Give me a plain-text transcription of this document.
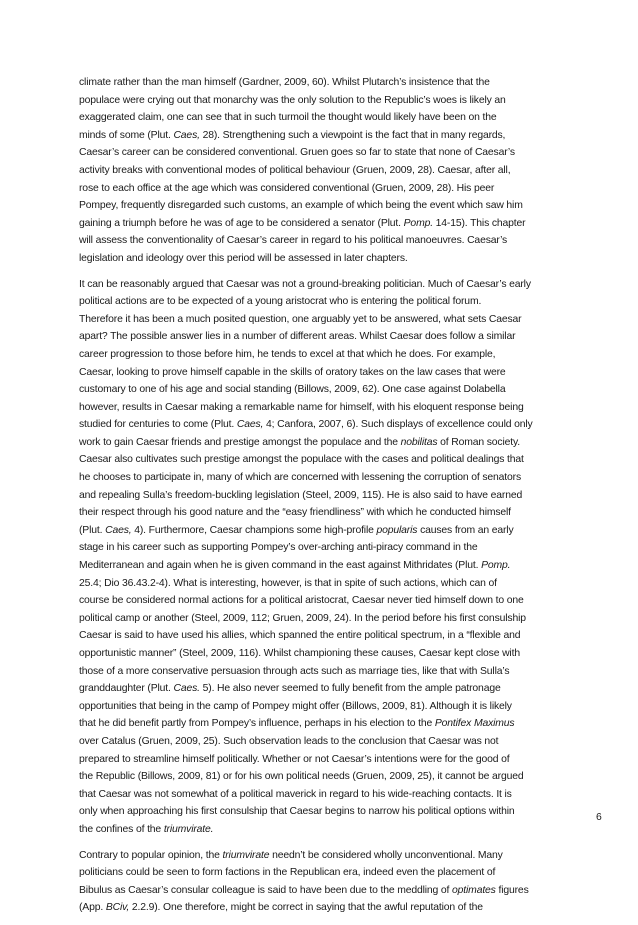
climate rather than the man himself (Gardner, 2009, 60). Whilst Plutarch’s insistence that the
populace were crying out that monarchy was the only solution to the Republic’s woes is likely an
exaggerated claim, one can see that in such turmoil the thought would likely have been on the
minds of some (Plut. Caes, 28). Strengthening such a viewpoint is the fact that in many regards,
Caesar’s career can be considered conventional. Gruen goes so far to state that none of Caesar’s
activity breaks with conventional modes of political behaviour (Gruen, 2009, 28). Caesar, after all,
rose to each office at the age which was considered conventional (Gruen, 2009, 28). His peer
Pompey, frequently disregarded such customs, an example of which being the event which saw him
gaining a triumph before he was of age to be considered a senator (Plut. Pomp. 14-15). This chapter
will assess the conventionality of Caesar’s career in regard to his political manoeuvres. Caesar’s
legislation and ideology over this period will be assessed in later chapters.
It can be reasonably argued that Caesar was not a ground-breaking politician. Much of Caesar’s early
political actions are to be expected of a young aristocrat who is entering the political forum.
Therefore it has been a much posited question, one arguably yet to be answered, what sets Caesar
apart? The possible answer lies in a number of different areas. Whilst Caesar does follow a similar
career progression to those before him, he tends to excel at that which he does. For example,
Caesar, looking to prove himself capable in the skills of oratory takes on the law cases that were
customary to one of his age and social standing (Billows, 2009, 62). One case against Dolabella
however, results in Caesar making a remarkable name for himself, with his eloquent response being
studied for centuries to come (Plut. Caes, 4; Canfora, 2007, 6). Such displays of excellence could only
work to gain Caesar friends and prestige amongst the populace and the nobilitas of Roman society.
Caesar also cultivates such prestige amongst the populace with the cases and political dealings that
he chooses to participate in, many of which are concerned with lessening the corruption of senators
and repealing Sulla’s freedom-buckling legislation (Steel, 2009, 115). He is also said to have earned
their respect through his good nature and the “easy friendliness” with which he conducted himself
(Plut. Caes, 4). Furthermore, Caesar champions some high-profile popularis causes from an early
stage in his career such as supporting Pompey’s over-arching anti-piracy command in the
Mediterranean and again when he is given command in the east against Mithridates (Plut. Pomp.
25.4; Dio 36.43.2-4). What is interesting, however, is that in spite of such actions, which can of
course be considered normal actions for a political aristocrat, Caesar never tied himself down to one
political camp or another (Steel, 2009, 112; Gruen, 2009, 24). In the period before his first consulship
Caesar is said to have used his allies, which spanned the entire political spectrum, in a “flexible and
opportunistic manner” (Steel, 2009, 116). Whilst championing these causes, Caesar kept close with
those of a more conservative persuasion through acts such as marriage ties, like that with Sulla’s
granddaughter (Plut. Caes. 5). He also never seemed to fully benefit from the ample patronage
opportunities that being in the camp of Pompey might offer (Billows, 2009, 81). Although it is likely
that he did benefit partly from Pompey’s influence, perhaps in his election to the Pontifex Maximus
over Catalus (Gruen, 2009, 25). Such observation leads to the conclusion that Caesar was not
prepared to streamline himself politically. Whether or not Caesar’s intentions were for the good of
the Republic (Billows, 2009, 81) or for his own political needs (Gruen, 2009, 25), it cannot be argued
that Caesar was not somewhat of a political maverick in regard to his wide-reaching contacts. It is
only when approaching his first consulship that Caesar begins to narrow his political options within
the confines of the triumvirate.
Contrary to popular opinion, the triumvirate needn’t be considered wholly unconventional. Many
politicians could be seen to form factions in the Republican era, indeed even the placement of
Bibulus as Caesar’s consular colleague is said to have been due to the meddling of optimates figures
(App. BCiv, 2.2.9). One therefore, might be correct in saying that the awful reputation of the
6
